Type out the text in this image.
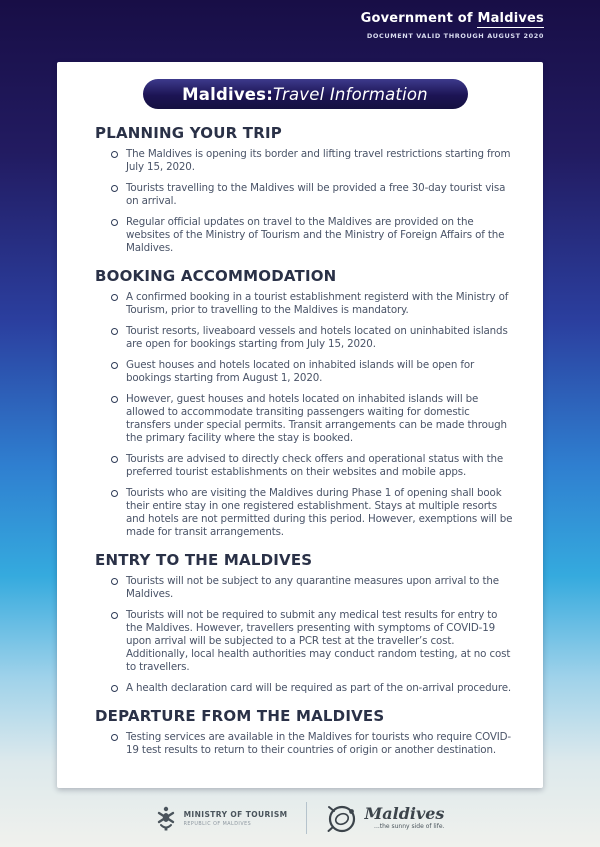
Government of Maldives
DOCUMENT VALID THROUGH AUGUST 2020
Maldives: Travel Information
PLANNING YOUR TRIP
The Maldives is opening its border and lifting travel restrictions starting from July 15, 2020.
Tourists travelling to the Maldives will be provided a free 30-day tourist visa on arrival.
Regular official updates on travel to the Maldives are provided on the websites of the Ministry of Tourism and the Ministry of Foreign Affairs of the Maldives.
BOOKING ACCOMMODATION
A confirmed booking in a tourist establishment registerd with the Ministry of Tourism, prior to travelling to the Maldives is mandatory.
Tourist resorts, liveaboard vessels and hotels located on uninhabited islands are open for bookings starting from July 15, 2020.
Guest houses and hotels located on inhabited islands will be open for bookings starting from August 1, 2020.
However, guest houses and hotels located on inhabited islands will be allowed to accommodate transiting passengers waiting for domestic transfers under special permits. Transit arrangements can be made through the primary facility where the stay is booked.
Tourists are advised to directly check offers and operational status with the preferred tourist establishments on their websites and mobile apps.
Tourists who are visiting the Maldives during Phase 1 of opening shall book their entire stay in one registered establishment. Stays at multiple resorts and hotels are not permitted during this period. However, exemptions will be made for transit arrangements.
ENTRY TO THE MALDIVES
Tourists will not be subject to any quarantine measures upon arrival to the Maldives.
Tourists will not be required to submit any medical test results for entry to the Maldives. However, travellers presenting with symptoms of COVID-19 upon arrival will be subjected to a PCR test at the traveller’s cost. Additionally, local health authorities may conduct random testing, at no cost to travellers.
A health declaration card will be required as part of the on-arrival procedure.
DEPARTURE FROM THE MALDIVES
Testing services are available in the Maldives for tourists who require COVID-19 test results to return to their countries of origin or another destination.
MINISTRY OF TOURISM
REPUBLIC OF MALDIVES
Maldives
...the sunny side of life.
